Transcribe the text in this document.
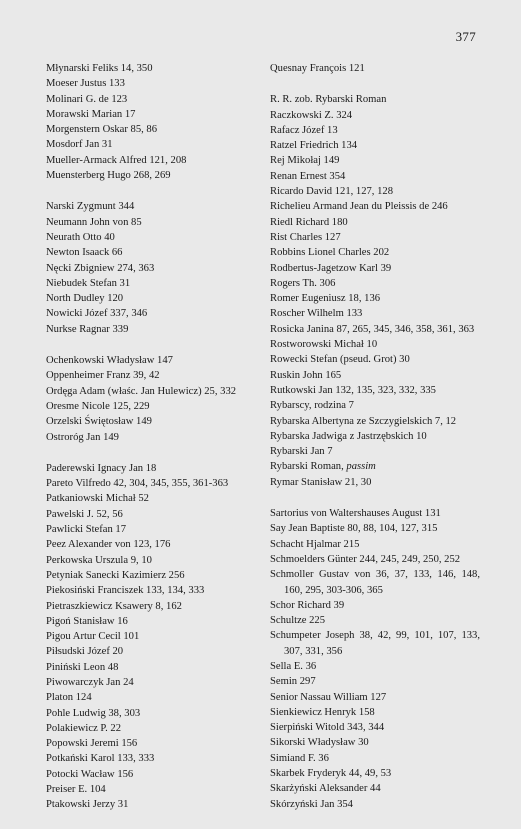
377
Młynarski Feliks 14, 350
Moeser Justus 133
Molinari G. de 123
Morawski Marian 17
Morgenstern Oskar 85, 86
Mosdorf Jan 31
Mueller-Armack Alfred 121, 208
Muensterberg Hugo 268, 269
Narski Zygmunt 344
Neumann John von 85
Neurath Otto 40
Newton Isaack 66
Nęcki Zbigniew 274, 363
Niebudek Stefan 31
North Dudley 120
Nowicki Józef 337, 346
Nurkse Ragnar 339
Ochenkowski Władysław 147
Oppenheimer Franz 39, 42
Ordęga Adam (właśc. Jan Hulewicz) 25, 332
Oresme Nicole 125, 229
Orzelski Świętosław 149
Ostroróg Jan 149
Paderewski Ignacy Jan 18
Pareto Vilfredo 42, 304, 345, 355, 361-363
Patkaniowski Michał 52
Pawelski J. 52, 56
Pawlicki Stefan 17
Peez Alexander von 123, 176
Perkowska Urszula 9, 10
Petyniak Sanecki Kazimierz 256
Piekosiński Franciszek 133, 134, 333
Pietraszkiewicz Ksawery 8, 162
Pigoń Stanisław 16
Pigou Artur Cecil 101
Piłsudski Józef 20
Piniński Leon 48
Piwowarczyk Jan 24
Platon 124
Pohle Ludwig 38, 303
Polakiewicz P. 22
Popowski Jeremi 156
Potkański Karol 133, 333
Potocki Wacław 156
Preiser E. 104
Ptakowski Jerzy 31
Quesnay François 121
R. R. zob. Rybarski Roman
Raczkowski Z. 324
Rafacz Józef 13
Ratzel Friedrich 134
Rej Mikołaj 149
Renan Ernest 354
Ricardo David 121, 127, 128
Richelieu Armand Jean du Pleissis de 246
Riedl Richard 180
Rist Charles 127
Robbins Lionel Charles 202
Rodbertus-Jagetzow Karl 39
Rogers Th. 306
Romer Eugeniusz 18, 136
Roscher Wilhelm 133
Rosicka Janina 87, 265, 345, 346, 358, 361, 363
Rostworowski Michał 10
Rowecki Stefan (pseud. Grot) 30
Ruskin John 165
Rutkowski Jan 132, 135, 323, 332, 335
Rybarscy, rodzina 7
Rybarska Albertyna ze Szczygielskich 7, 12
Rybarska Jadwiga z Jastrzębskich 10
Rybarski Jan 7
Rybarski Roman, passim
Rymar Stanisław 21, 30
Sartorius von Waltershauses August 131
Say Jean Baptiste 80, 88, 104, 127, 315
Schacht Hjalmar 215
Schmoelders Günter 244, 245, 249, 250, 252
Schmoller Gustav von 36, 37, 133, 146, 148, 160, 295, 303-306, 365
Schor Richard 39
Schultze 225
Schumpeter Joseph 38, 42, 99, 101, 107, 133, 307, 331, 356
Sella E. 36
Semin 297
Senior Nassau William 127
Sienkiewicz Henryk 158
Sierpiński Witold 343, 344
Sikorski Władysław 30
Simiand F. 36
Skarbek Fryderyk 44, 49, 53
Skarżyński Aleksander 44
Skórzyński Jan 354
